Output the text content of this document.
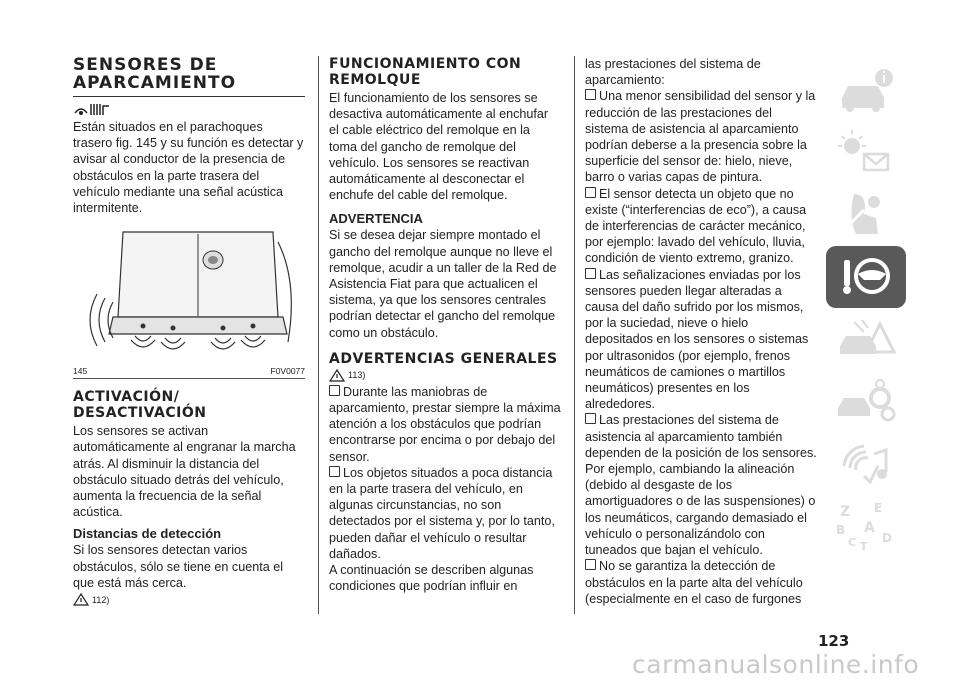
SENSORES DE APARCAMIENTO

Están situados en el parachoques trasero fig. 145 y su función es detectar y avisar al conductor de la presencia de obstáculos en la parte trasera del vehículo mediante una señal acústica intermitente.

145	F0V0077
ACTIVACIÓN/ DESACTIVACIÓN

Los sensores se activan automáticamente al engranar la marcha atrás. Al disminuir la distancia del obstáculo situado detrás del vehículo, aumenta la frecuencia de la señal acústica.

Distancias de detección

Si los sensores detectan varios obstáculos, sólo se tiene en cuenta el que está más cerca.

112)
FUNCIONAMIENTO CON REMOLQUE

El funcionamiento de los sensores se desactiva automáticamente al enchufar el cable eléctrico del remolque en la toma del gancho de remolque del vehículo. Los sensores se reactivan automáticamente al desconectar el enchufe del cable del remolque.

ADVERTENCIA

Si se desea dejar siempre montado el gancho del remolque aunque no lleve el remolque, acudir a un taller de la Red de Asistencia Fiat para que actualicen el sistema, ya que los sensores centrales podrían detectar el gancho del remolque como un obstáculo.

ADVERTENCIAS GENERALES
113)

Durante las maniobras de aparcamiento, prestar siempre la máxima atención a los obstáculos que podrían encontrarse por encima o por debajo del sensor.

Los objetos situados a poca distancia en la parte trasera del vehículo, en algunas circunstancias, no son detectados por el sistema y, por lo tanto, pueden dañar el vehículo o resultar dañados.

A continuación se describen algunas condiciones que podrían influir en

las prestaciones del sistema de aparcamiento:

Una menor sensibilidad del sensor y la reducción de las prestaciones del sistema de asistencia al aparcamiento podrían deberse a la presencia sobre la superficie del sensor de: hielo, nieve, barro o varias capas de pintura.

El sensor detecta un objeto que no existe (“interferencias de eco”), a causa de interferencias de carácter mecánico, por ejemplo: lavado del vehículo, lluvia, condición de viento extremo, granizo.

Las señalizaciones enviadas por los sensores pueden llegar alteradas a causa del daño sufrido por los mismos, por la suciedad, nieve o hielo depositados en los sensores o sistemas por ultrasonidos (por ejemplo, frenos neumáticos de camiones o martillos neumáticos) presentes en los alrededores.

Las prestaciones del sistema de asistencia al aparcamiento también dependen de la posición de los sensores. Por ejemplo, cambiando la alineación (debido al desgaste de los amortiguadores o de las suspensiones) o los neumáticos, cargando demasiado el vehículo o personalizándolo con tuneados que bajan el vehículo.

No se garantiza la detección de obstáculos en la parte alta del vehículo (especialmente en el caso de furgones

Z E
B A
C T
D
123
carmanualsonline.info
